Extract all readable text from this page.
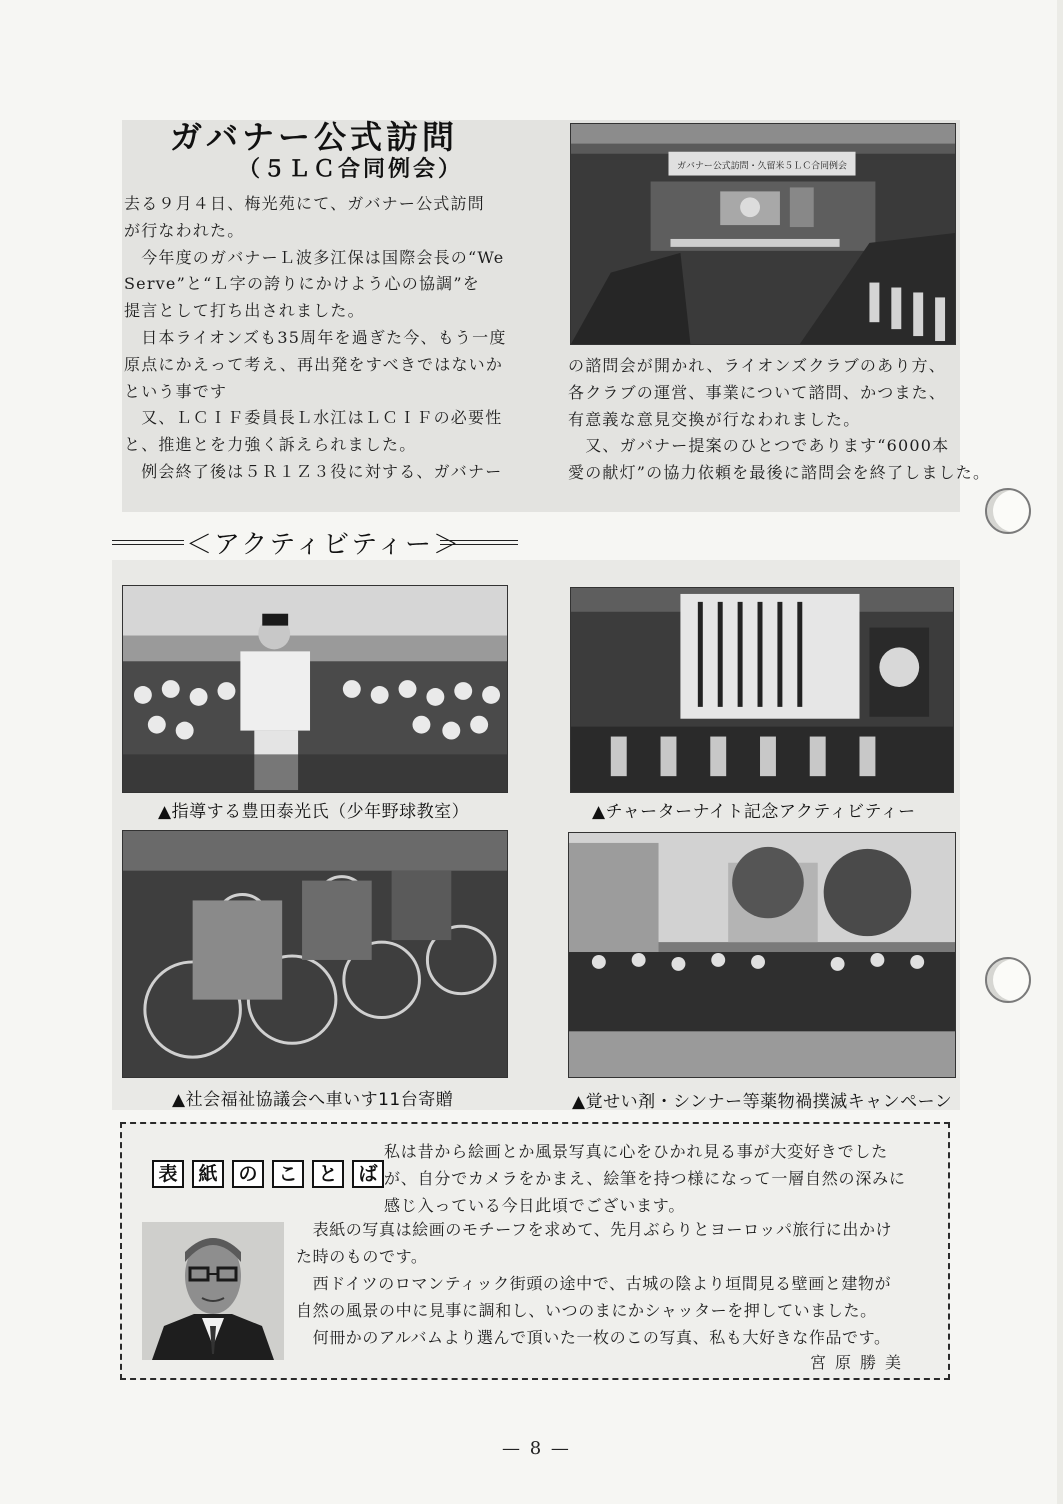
ガバナー公式訪問
（５ＬＣ合同例会）

去る９月４日、梅光苑にて、ガバナー公式訪問

が行なわれた。

　今年度のガバナーＬ波多江保は国際会長の“We

Serve”と“Ｌ字の誇りにかけよう心の協調”を

提言として打ち出されました。

　日本ライオンズも35周年を過ぎた今、もう一度

原点にかえって考え、再出発をすべきではないか

という事です

　又、ＬＣＩＦ委員長Ｌ水江はＬＣＩＦの必要性

と、推進とを力強く訴えられました。

　例会終了後は５Ｒ１Ｚ３役に対する、ガバナー

ガバナー公式訪問・久留米５ＬＣ合同例会

の諮問会が開かれ、ライオンズクラブのあり方、

各クラブの運営、事業について諮問、かつまた、

有意義な意見交換が行なわれました。

　又、ガバナー提案のひとつであります“6000本

愛の献灯”の協力依頼を最後に諮問会を終了しました。

＜アクティビティー＞
▲指導する豊田泰光氏（少年野球教室）	▲チャーターナイト記念アクティビティー
▲社会福祉協議会へ車いす11台寄贈	▲覚せい剤・シンナー等薬物禍撲滅キャンペーン
表	紙	の	こ	と	ば

私は昔から絵画とか風景写真に心をひかれ見る事が大変好きでした

が、自分でカメラをかまえ、絵筆を持つ様になって一層自然の深みに

感じ入っている今日此頃でございます。

　表紙の写真は絵画のモチーフを求めて、先月ぶらりとヨーロッパ旅行に出かけ

た時のものです。

　西ドイツのロマンティック街頭の途中で、古城の陰より垣間見る壁画と建物が

自然の風景の中に見事に調和し、いつのまにかシャッターを押していました。

　何冊かのアルバムより選んで頂いた一枚のこの写真、私も大好きな作品です。

宮原勝美
— 8 —
